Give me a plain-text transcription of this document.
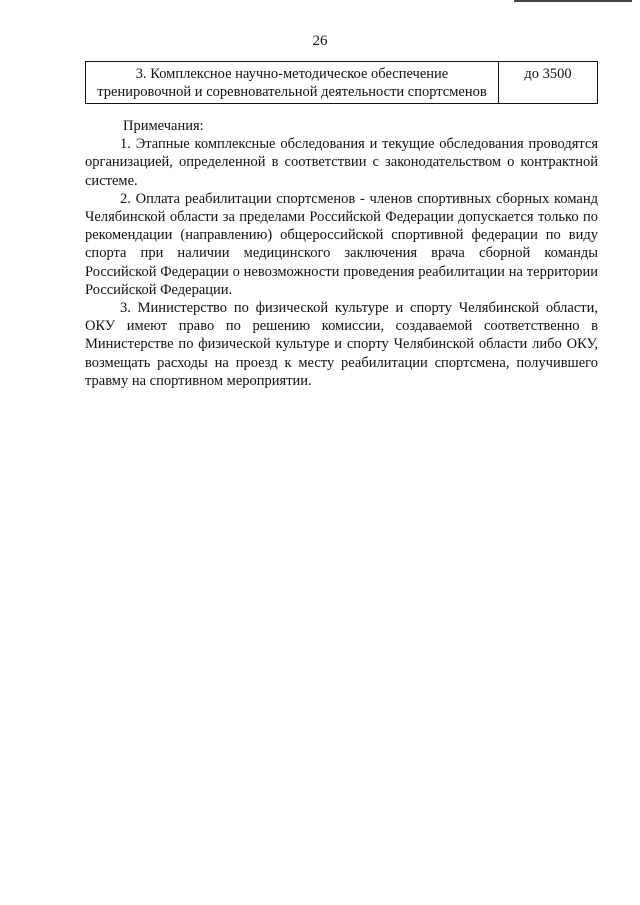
26
3. Комплексное научно-методическое обеспечение тренировочной и соревновательной деятельности спортсменов	до 3500

Примечания:

1. Этапные комплексные обследования и текущие обследования проводятся организацией, определенной в соответствии с законодательством о контрактной системе.

2. Оплата реабилитации спортсменов - членов спортивных сборных команд Челябинской области за пределами Российской Федерации допускается только по рекомендации (направлению) общероссийской спортивной федерации по виду спорта при наличии медицинского заключения врача сборной команды Российской Федерации о невозможности проведения реабилитации на территории Российской Федерации.

3. Министерство по физической культуре и спорту Челябинской области, ОКУ имеют право по решению комиссии, создаваемой соответственно в Министерстве по физической культуре и спорту Челябинской области либо ОКУ, возмещать расходы на проезд к месту реабилитации спортсмена, получившего травму на спортивном мероприятии.
